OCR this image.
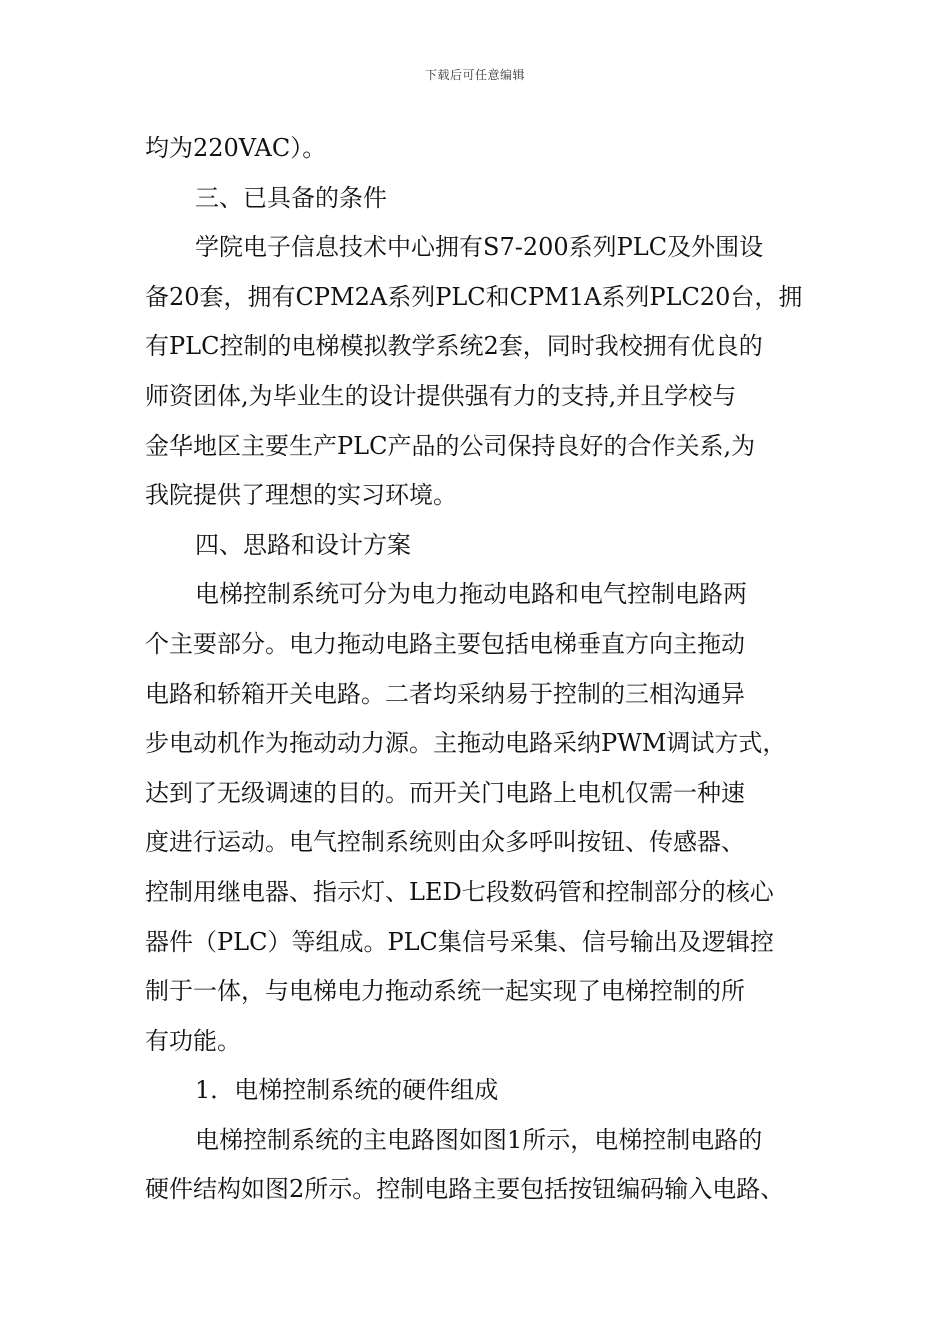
下载后可任意编辑
均为220VAC）。
三、已具备的条件
学院电子信息技术中心拥有S7-200系列PLC及外围设
备20套，拥有CPM2A系列PLC和CPM1A系列PLC20台，拥
有PLC控制的电梯模拟教学系统2套，同时我校拥有优良的
师资团体,为毕业生的设计提供强有力的支持,并且学校与
金华地区主要生产PLC产品的公司保持良好的合作关系,为
我院提供了理想的实习环境。
四、思路和设计方案
电梯控制系统可分为电力拖动电路和电气控制电路两
个主要部分。电力拖动电路主要包括电梯垂直方向主拖动
电路和轿箱开关电路。二者均采纳易于控制的三相沟通异
步电动机作为拖动动力源。主拖动电路采纳PWM调试方式，
达到了无级调速的目的。而开关门电路上电机仅需一种速
度进行运动。电气控制系统则由众多呼叫按钮、传感器、
控制用继电器、指示灯、LED七段数码管和控制部分的核心
器件（PLC）等组成。PLC集信号采集、信号输出及逻辑控
制于一体，与电梯电力拖动系统一起实现了电梯控制的所
有功能。
1．电梯控制系统的硬件组成
电梯控制系统的主电路图如图1所示，电梯控制电路的
硬件结构如图2所示。控制电路主要包括按钮编码输入电路、
